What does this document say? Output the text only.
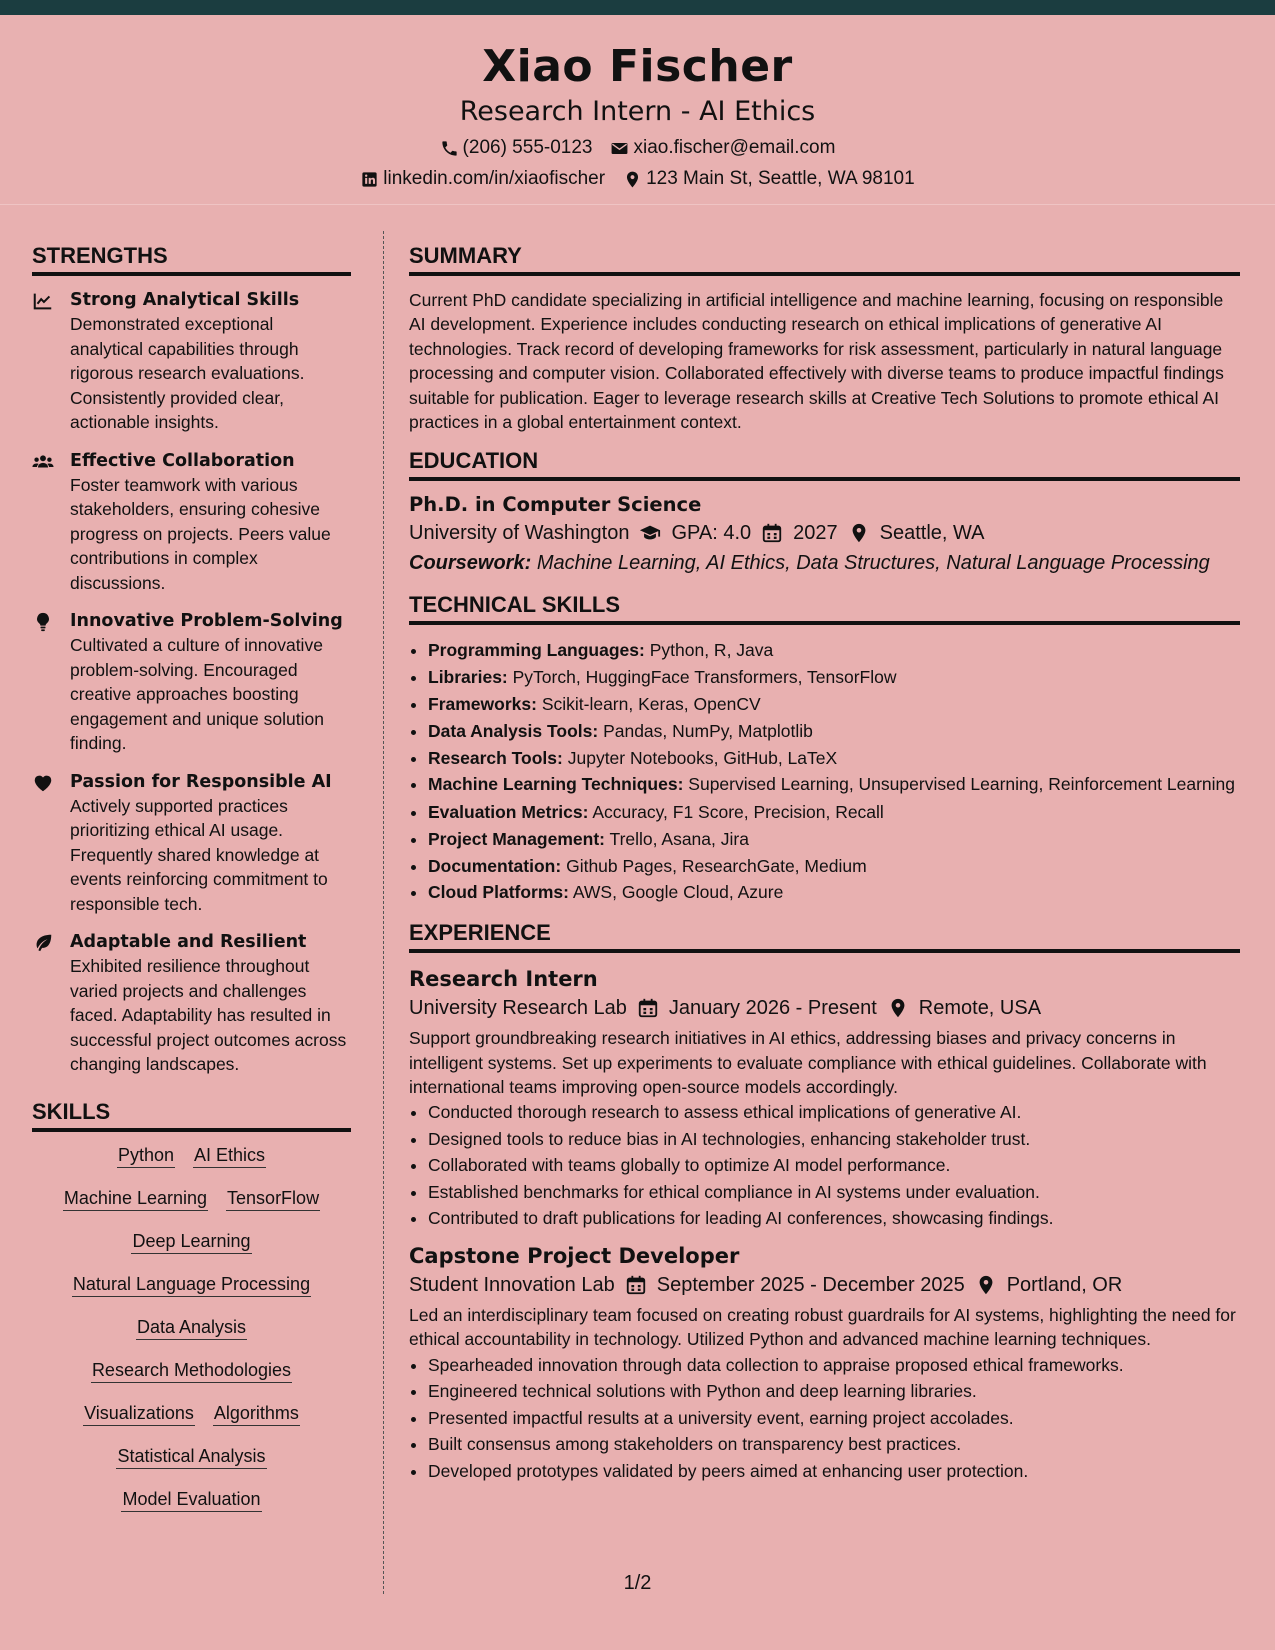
Xiao Fischer
Research Intern - AI Ethics
(206) 555-0123 xiao.fischer@email.com
linkedin.com/in/xiaofischer 123 Main St, Seattle, WA 98101
STRENGTHS
Strong Analytical Skills
Demonstrated exceptional analytical capabilities through rigorous research evaluations. Consistently provided clear, actionable insights.
Effective Collaboration
Foster teamwork with various stakeholders, ensuring cohesive progress on projects. Peers value contributions in complex discussions.
Innovative Problem-Solving
Cultivated a culture of innovative problem-solving. Encouraged creative approaches boosting engagement and unique solution finding.
Passion for Responsible AI
Actively supported practices prioritizing ethical AI usage. Frequently shared knowledge at events reinforcing commitment to responsible tech.
Adaptable and Resilient
Exhibited resilience throughout varied projects and challenges faced. Adaptability has resulted in successful project outcomes across changing landscapes.
SKILLS
Python AI Ethics
Machine Learning TensorFlow
Deep Learning
Natural Language Processing
Data Analysis
Research Methodologies
Visualizations Algorithms
Statistical Analysis
Model Evaluation
SUMMARY

Current PhD candidate specializing in artificial intelligence and machine learning, focusing on responsible AI development. Experience includes conducting research on ethical implications of generative AI technologies. Track record of developing frameworks for risk assessment, particularly in natural language processing and computer vision. Collaborated effectively with diverse teams to produce impactful findings suitable for publication. Eager to leverage research skills at Creative Tech Solutions to promote ethical AI practices in a global entertainment context.

EDUCATION
Ph.D. in Computer Science
University of Washington GPA: 4.0 2027 Seattle, WA
Coursework: Machine Learning, AI Ethics, Data Structures, Natural Language Processing
TECHNICAL SKILLS
• Programming Languages: Python, R, Java
• Libraries: PyTorch, HuggingFace Transformers, TensorFlow
• Frameworks: Scikit-learn, Keras, OpenCV
• Data Analysis Tools: Pandas, NumPy, Matplotlib
• Research Tools: Jupyter Notebooks, GitHub, LaTeX
• Machine Learning Techniques: Supervised Learning, Unsupervised Learning, Reinforcement Learning
• Evaluation Metrics: Accuracy, F1 Score, Precision, Recall
• Project Management: Trello, Asana, Jira
• Documentation: Github Pages, ResearchGate, Medium
• Cloud Platforms: AWS, Google Cloud, Azure
EXPERIENCE
Research Intern
University Research Lab January 2026 - Present Remote, USA

Support groundbreaking research initiatives in AI ethics, addressing biases and privacy concerns in intelligent systems. Set up experiments to evaluate compliance with ethical guidelines. Collaborate with international teams improving open-source models accordingly.

• Conducted thorough research to assess ethical implications of generative AI.
• Designed tools to reduce bias in AI technologies, enhancing stakeholder trust.
• Collaborated with teams globally to optimize AI model performance.
• Established benchmarks for ethical compliance in AI systems under evaluation.
• Contributed to draft publications for leading AI conferences, showcasing findings.
Capstone Project Developer
Student Innovation Lab September 2025 - December 2025 Portland, OR

Led an interdisciplinary team focused on creating robust guardrails for AI systems, highlighting the need for ethical accountability in technology. Utilized Python and advanced machine learning techniques.

• Spearheaded innovation through data collection to appraise proposed ethical frameworks.
• Engineered technical solutions with Python and deep learning libraries.
• Presented impactful results at a university event, earning project accolades.
• Built consensus among stakeholders on transparency best practices.
• Developed prototypes validated by peers aimed at enhancing user protection.
1/2
